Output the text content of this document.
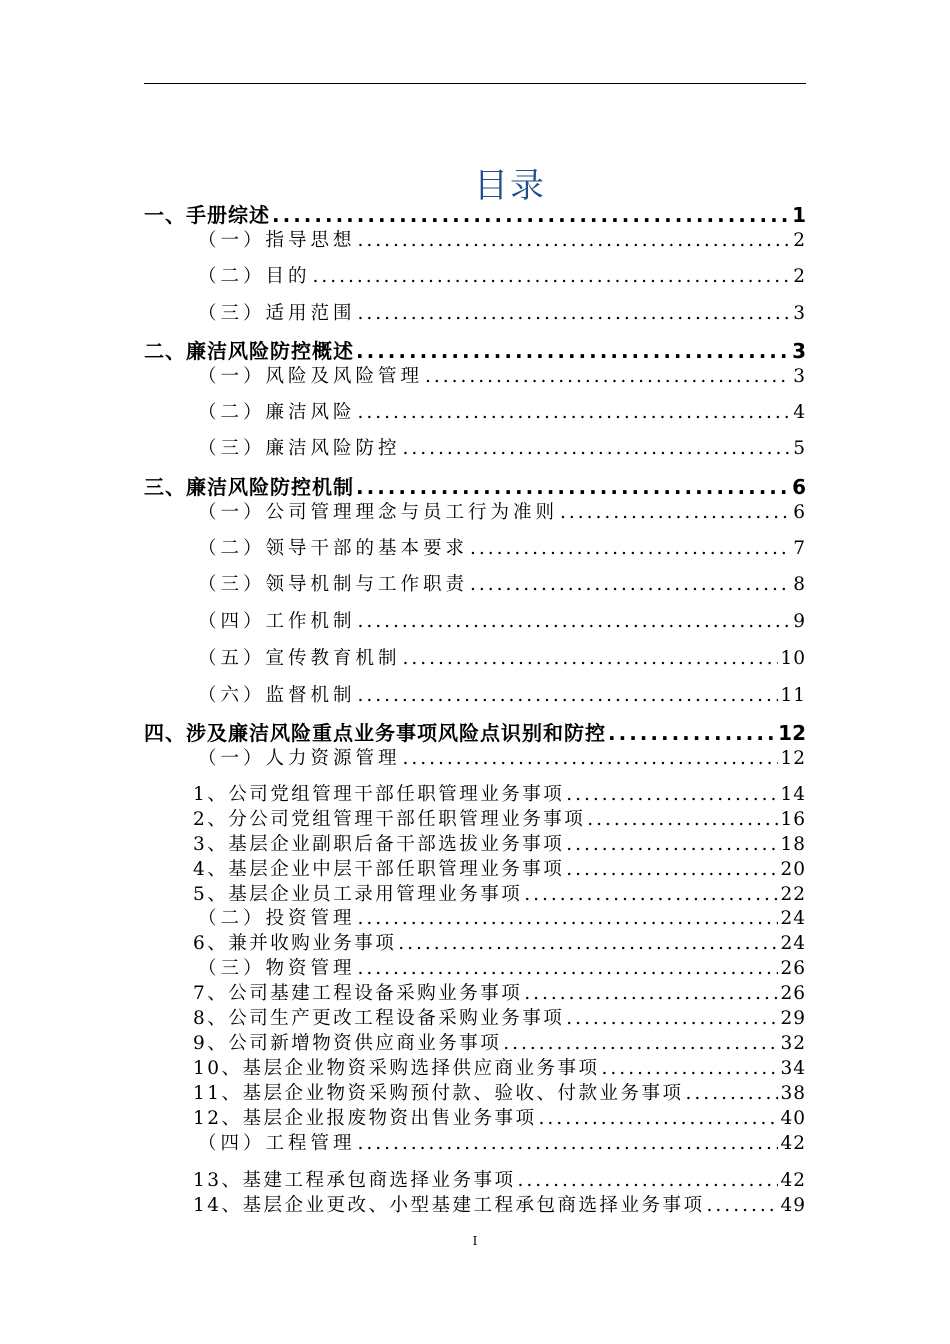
目录
一、手册综述 .....	1
（一）指导思想 .....	2
（二）目的 .....	2
（三）适用范围 .....	3
二、廉洁风险防控概述 .....	3
（一）风险及风险管理 .....	3
（二）廉洁风险 .....	4
（三）廉洁风险防控 .....	5
三、廉洁风险防控机制 .....	6
（一）公司管理理念与员工行为准则 .....	6
（二）领导干部的基本要求 .....	7
（三）领导机制与工作职责 .....	8
（四）工作机制 .....	9
（五）宣传教育机制 .....	10
（六）监督机制 .....	11
四、涉及廉洁风险重点业务事项风险点识别和防控 .....	12
（一）人力资源管理 .....	12
1、公司党组管理干部任职管理业务事项 .....	14
2、分公司党组管理干部任职管理业务事项 .....	16
3、基层企业副职后备干部选拔业务事项 .....	18
4、基层企业中层干部任职管理业务事项 .....	20
5、基层企业员工录用管理业务事项 .....	22
（二）投资管理 .....	24
6、兼并收购业务事项 .....	24
（三）物资管理 .....	26
7、公司基建工程设备采购业务事项 .....	26
8、公司生产更改工程设备采购业务事项 .....	29
9、公司新增物资供应商业务事项 .....	32
10、基层企业物资采购选择供应商业务事项 .....	34
11、基层企业物资采购预付款、验收、付款业务事项 .....	38
12、基层企业报废物资出售业务事项 .....	40
（四）工程管理 .....	42
13、基建工程承包商选择业务事项 .....	42
14、基层企业更改、小型基建工程承包商选择业务事项 .....	49
I
